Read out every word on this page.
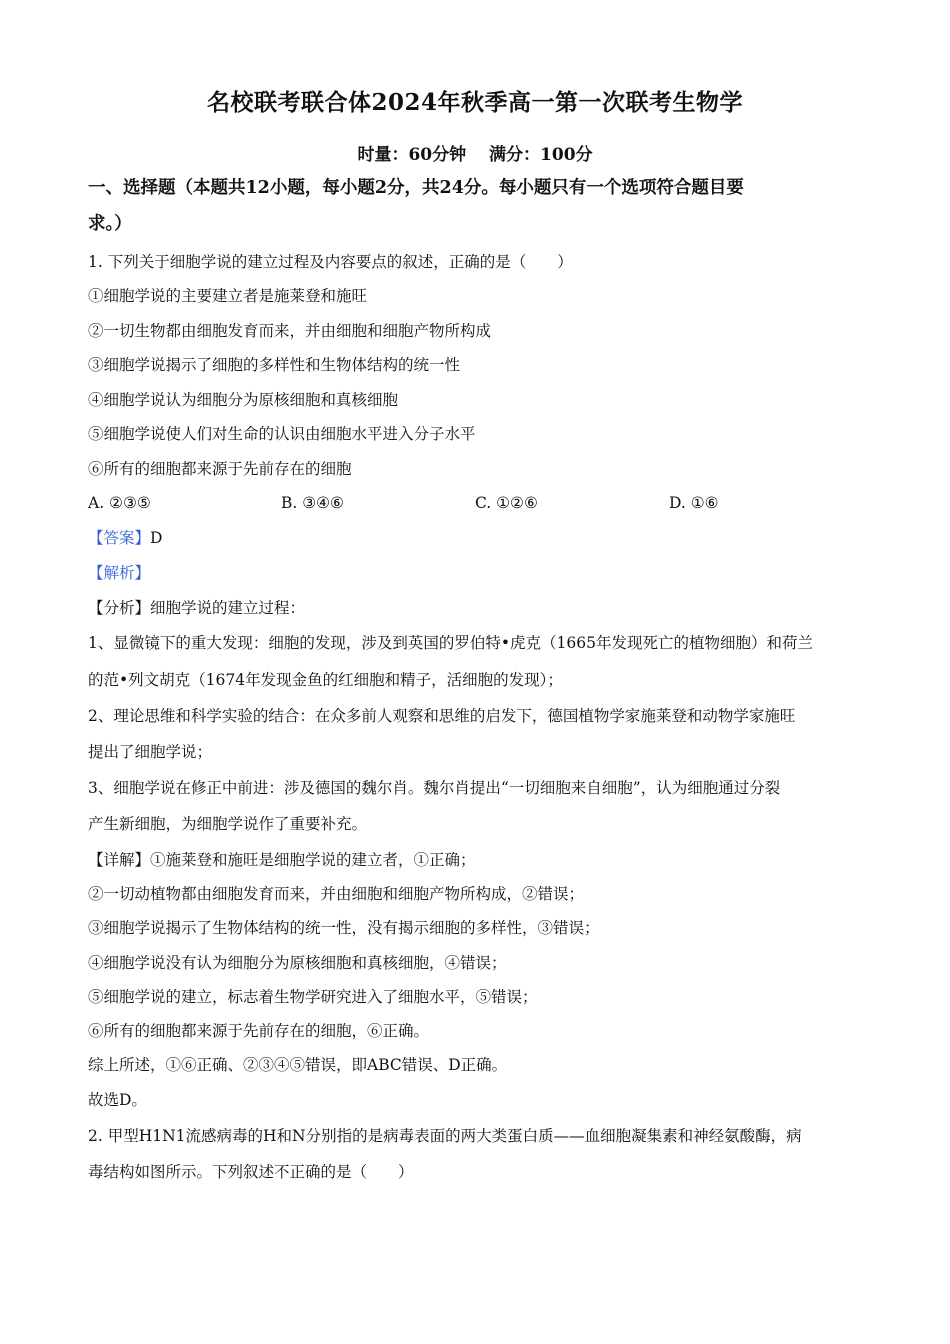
名校联考联合体2024年秋季高一第一次联考生物学
时量：60分钟　 满分：100分
一、选择题（本题共12小题，每小题2分，共24分。每小题只有一个选项符合题目要
求。）
1. 下列关于细胞学说的建立过程及内容要点的叙述，正确的是（　　）
①细胞学说的主要建立者是施莱登和施旺
②一切生物都由细胞发育而来，并由细胞和细胞产物所构成
③细胞学说揭示了细胞的多样性和生物体结构的统一性
④细胞学说认为细胞分为原核细胞和真核细胞
⑤细胞学说使人们对生命的认识由细胞水平进入分子水平
⑥所有的细胞都来源于先前存在的细胞
A. ②③⑤	B. ③④⑥	C. ①②⑥	D. ①⑥
【答案】D
【解析】
【分析】细胞学说的建立过程：
1、显微镜下的重大发现：细胞的发现，涉及到英国的罗伯特•虎克（1665年发现死亡的植物细胞）和荷兰
的范•列文胡克（1674年发现金鱼的红细胞和精子，活细胞的发现）；
2、理论思维和科学实验的结合：在众多前人观察和思维的启发下，德国植物学家施莱登和动物学家施旺
提出了细胞学说；
3、细胞学说在修正中前进：涉及德国的魏尔肖。魏尔肖提出“一切细胞来自细胞”，认为细胞通过分裂
产生新细胞，为细胞学说作了重要补充。
【详解】①施莱登和施旺是细胞学说的建立者，①正确；
②一切动植物都由细胞发育而来，并由细胞和细胞产物所构成，②错误；
③细胞学说揭示了生物体结构的统一性，没有揭示细胞的多样性，③错误；
④细胞学说没有认为细胞分为原核细胞和真核细胞，④错误；
⑤细胞学说的建立，标志着生物学研究进入了细胞水平，⑤错误；
⑥所有的细胞都来源于先前存在的细胞，⑥正确。
综上所述，①⑥正确、②③④⑤错误，即ABC错误、D正确。
故选D。
2. 甲型H1N1流感病毒的H和N分别指的是病毒表面的两大类蛋白质——血细胞凝集素和神经氨酸酶，病
毒结构如图所示。下列叙述不正确的是（　　）
